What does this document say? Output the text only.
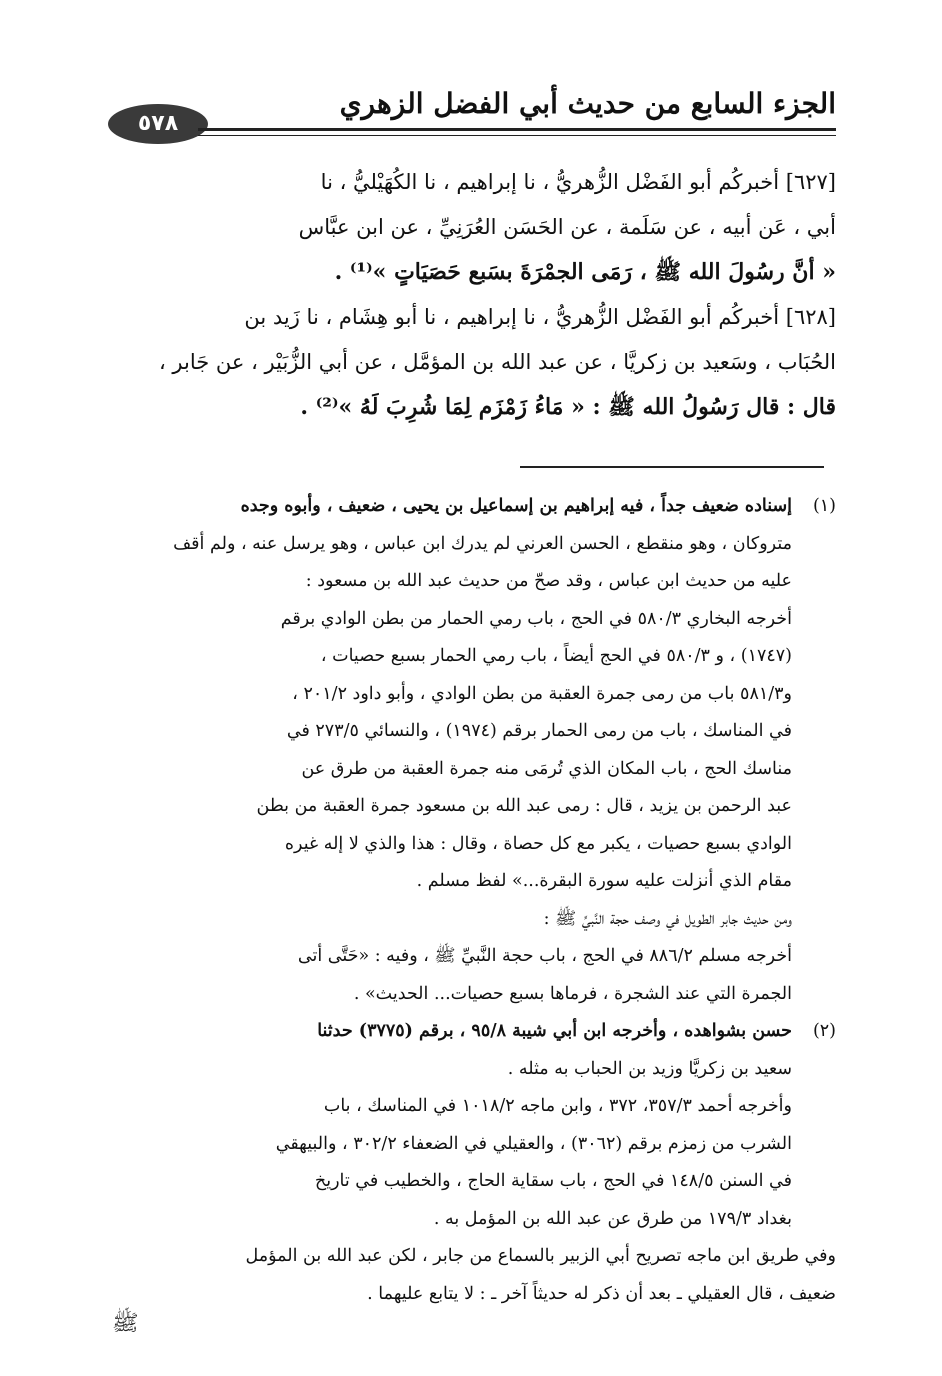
٥٧٨
الجزء السابع من حديث أبي الفضل الزهري

[٦٢٧] أخبركُم أبو الفَضْل الزُّهريُّ ، نا إبراهيم ، نا الكُهَيْليُّ ، نا

أبي ، عَن أبيه ، عن سَلَمة ، عن الحَسَن العُرَنِيِّ ، عن ابن عبَّاس

« أنَّ رسُولَ الله ﷺ ، رَمَى الجمْرَةَ بسَبع حَصَيَاتٍ »⁽¹⁾ .

[٦٢٨] أخبركُم أبو الفَضْل الزُّهريُّ ، نا إبراهيم ، نا أبو هِشَام ، نا زَيد بن

الحُبَاب ، وسَعيد بن زكريَّا ، عن عبد الله بن المؤمَّل ، عن أبي الزُّبَيْر ، عن جَابر ،

قال : قال رَسُولُ الله ﷺ : « مَاءُ زَمْزَم لِمَا شُرِبَ لَهُ »⁽²⁾ .

(١)

إسناده ضعيف جداً ، فيه إبراهيم بن إسماعيل بن يحيى ، ضعيف ، وأبوه وجده

متروكان ، وهو منقطع ، الحسن العرني لم يدرك ابن عباس ، وهو يرسل عنه ، ولم أقف

عليه من حديث ابن عباس ، وقد صحّ من حديث عبد الله بن مسعود :

أخرجه البخاري ٥٨٠/٣ في الحج ، باب رمي الحمار من بطن الوادي برقم

(١٧٤٧) ، و ٥٨٠/٣ في الحج أيضاً ، باب رمي الحمار بسبع حصيات ،

و٥٨١/٣ باب من رمى جمرة العقبة من بطن الوادي ، وأبو داود ٢٠١/٢ ،

في المناسك ، باب من رمى الحمار برقم (١٩٧٤) ، والنسائي ٢٧٣/٥ في

مناسك الحج ، باب المكان الذي تُرمَى منه جمرة العقبة من طرق عن

عبد الرحمن بن يزيد ، قال : رمى عبد الله بن مسعود جمرة العقبة من بطن

الوادي بسبع حصيات ، يكبر مع كل حصاة ، وقال : هذا والذي لا إله غيره

مقام الذي أنزلت عليه سورة البقرة...» لفظ مسلم .

ومن حديث جابر الطويل في وصف حجة النَّبيِّ ﷺ :

أخرجه مسلم ٨٨٦/٢ في الحج ، باب حجة النَّبيِّ ﷺ ، وفيه : «حَتَّى أتى

الجمرة التي عند الشجرة ، فرماها بسبع حصيات... الحديث» .

(٢)

حسن بشواهده ، وأخرجه ابن أبي شيبة ٩٥/٨ ، برقم (٣٧٧٥) حدثنا

سعيد بن زكريَّا وزيد بن الحباب به مثله .

وأخرجه أحمد ٣٥٧/٣، ٣٧٢ ، وابن ماجه ١٠١٨/٢ في المناسك ، باب

الشرب من زمزم برقم (٣٠٦٢) ، والعقيلي في الضعفاء ٣٠٢/٢ ، والبيهقي

في السنن ١٤٨/٥ في الحج ، باب سقاية الحاج ، والخطيب في تاريخ

بغداد ١٧٩/٣ من طرق عن عبد الله بن المؤمل به .

وفي طريق ابن ماجه تصريح أبي الزبير بالسماع من جابر ، لكن عبد الله بن المؤمل

ضعيف ، قال العقيلي ـ بعد أن ذكر له حديثاً آخر ـ : لا يتابع عليهما .

ﷺ
